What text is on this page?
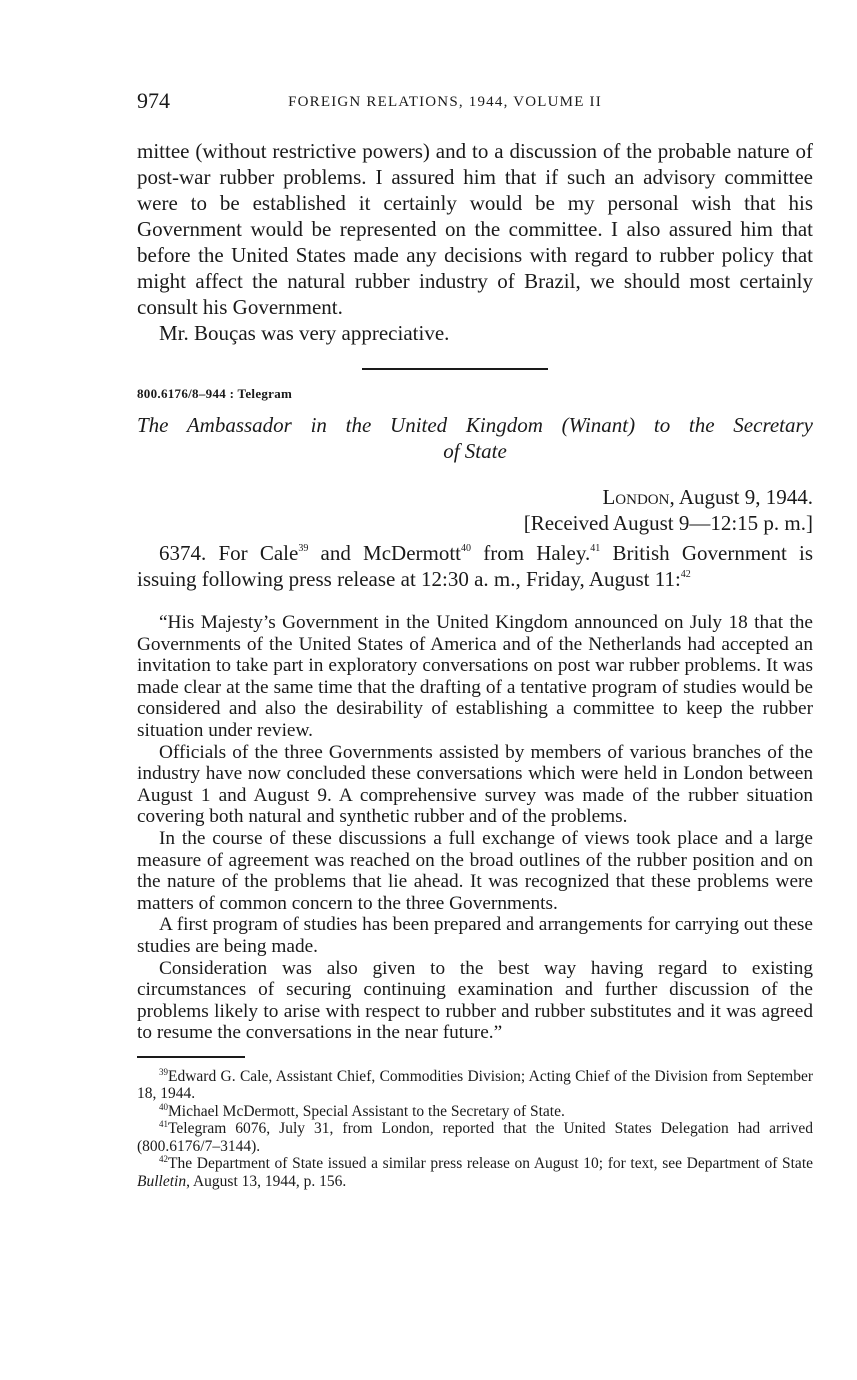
974	FOREIGN RELATIONS, 1944, VOLUME II

mittee (without restrictive powers) and to a discussion of the probable nature of post-war rubber problems. I assured him that if such an advisory committee were to be established it certainly would be my personal wish that his Government would be represented on the committee. I also assured him that before the United States made any decisions with regard to rubber policy that might affect the natural rubber industry of Brazil, we should most certainly consult his Government.

Mr. Bouças was very appreciative.

800.6176/8–944 : Telegram

The Ambassador in the United Kingdom (Winant) to the Secretary
of State

London, August 9, 1944.

[Received August 9—12:15 p. m.]

6374. For Cale$^{39}$ and McDermott$^{40}$ from Haley.$^{41}$ British Government is issuing following press release at 12:30 a. m., Friday, August 11:$^{42}$

“His Majesty’s Government in the United Kingdom announced on July 18 that the Governments of the United States of America and of the Netherlands had accepted an invitation to take part in exploratory conversations on post war rubber problems. It was made clear at the same time that the drafting of a tentative program of studies would be considered and also the desirability of establishing a committee to keep the rubber situation under review.

Officials of the three Governments assisted by members of various branches of the industry have now concluded these conversations which were held in London between August 1 and August 9. A comprehensive survey was made of the rubber situation covering both natural and synthetic rubber and of the problems.

In the course of these discussions a full exchange of views took place and a large measure of agreement was reached on the broad outlines of the rubber position and on the nature of the problems that lie ahead. It was recognized that these problems were matters of common concern to the three Governments.

A first program of studies has been prepared and arrangements for carrying out these studies are being made.

Consideration was also given to the best way having regard to existing circumstances of securing continuing examination and further discussion of the problems likely to arise with respect to rubber and rubber substitutes and it was agreed to resume the conversations in the near future.”

$^{39}$Edward G. Cale, Assistant Chief, Commodities Division; Acting Chief of the Division from September 18, 1944.

$^{40}$Michael McDermott, Special Assistant to the Secretary of State.

$^{41}$Telegram 6076, July 31, from London, reported that the United States Delegation had arrived (800.6176/7–3144).

$^{42}$The Department of State issued a similar press release on August 10; for text, see Department of State Bulletin, August 13, 1944, p. 156.
